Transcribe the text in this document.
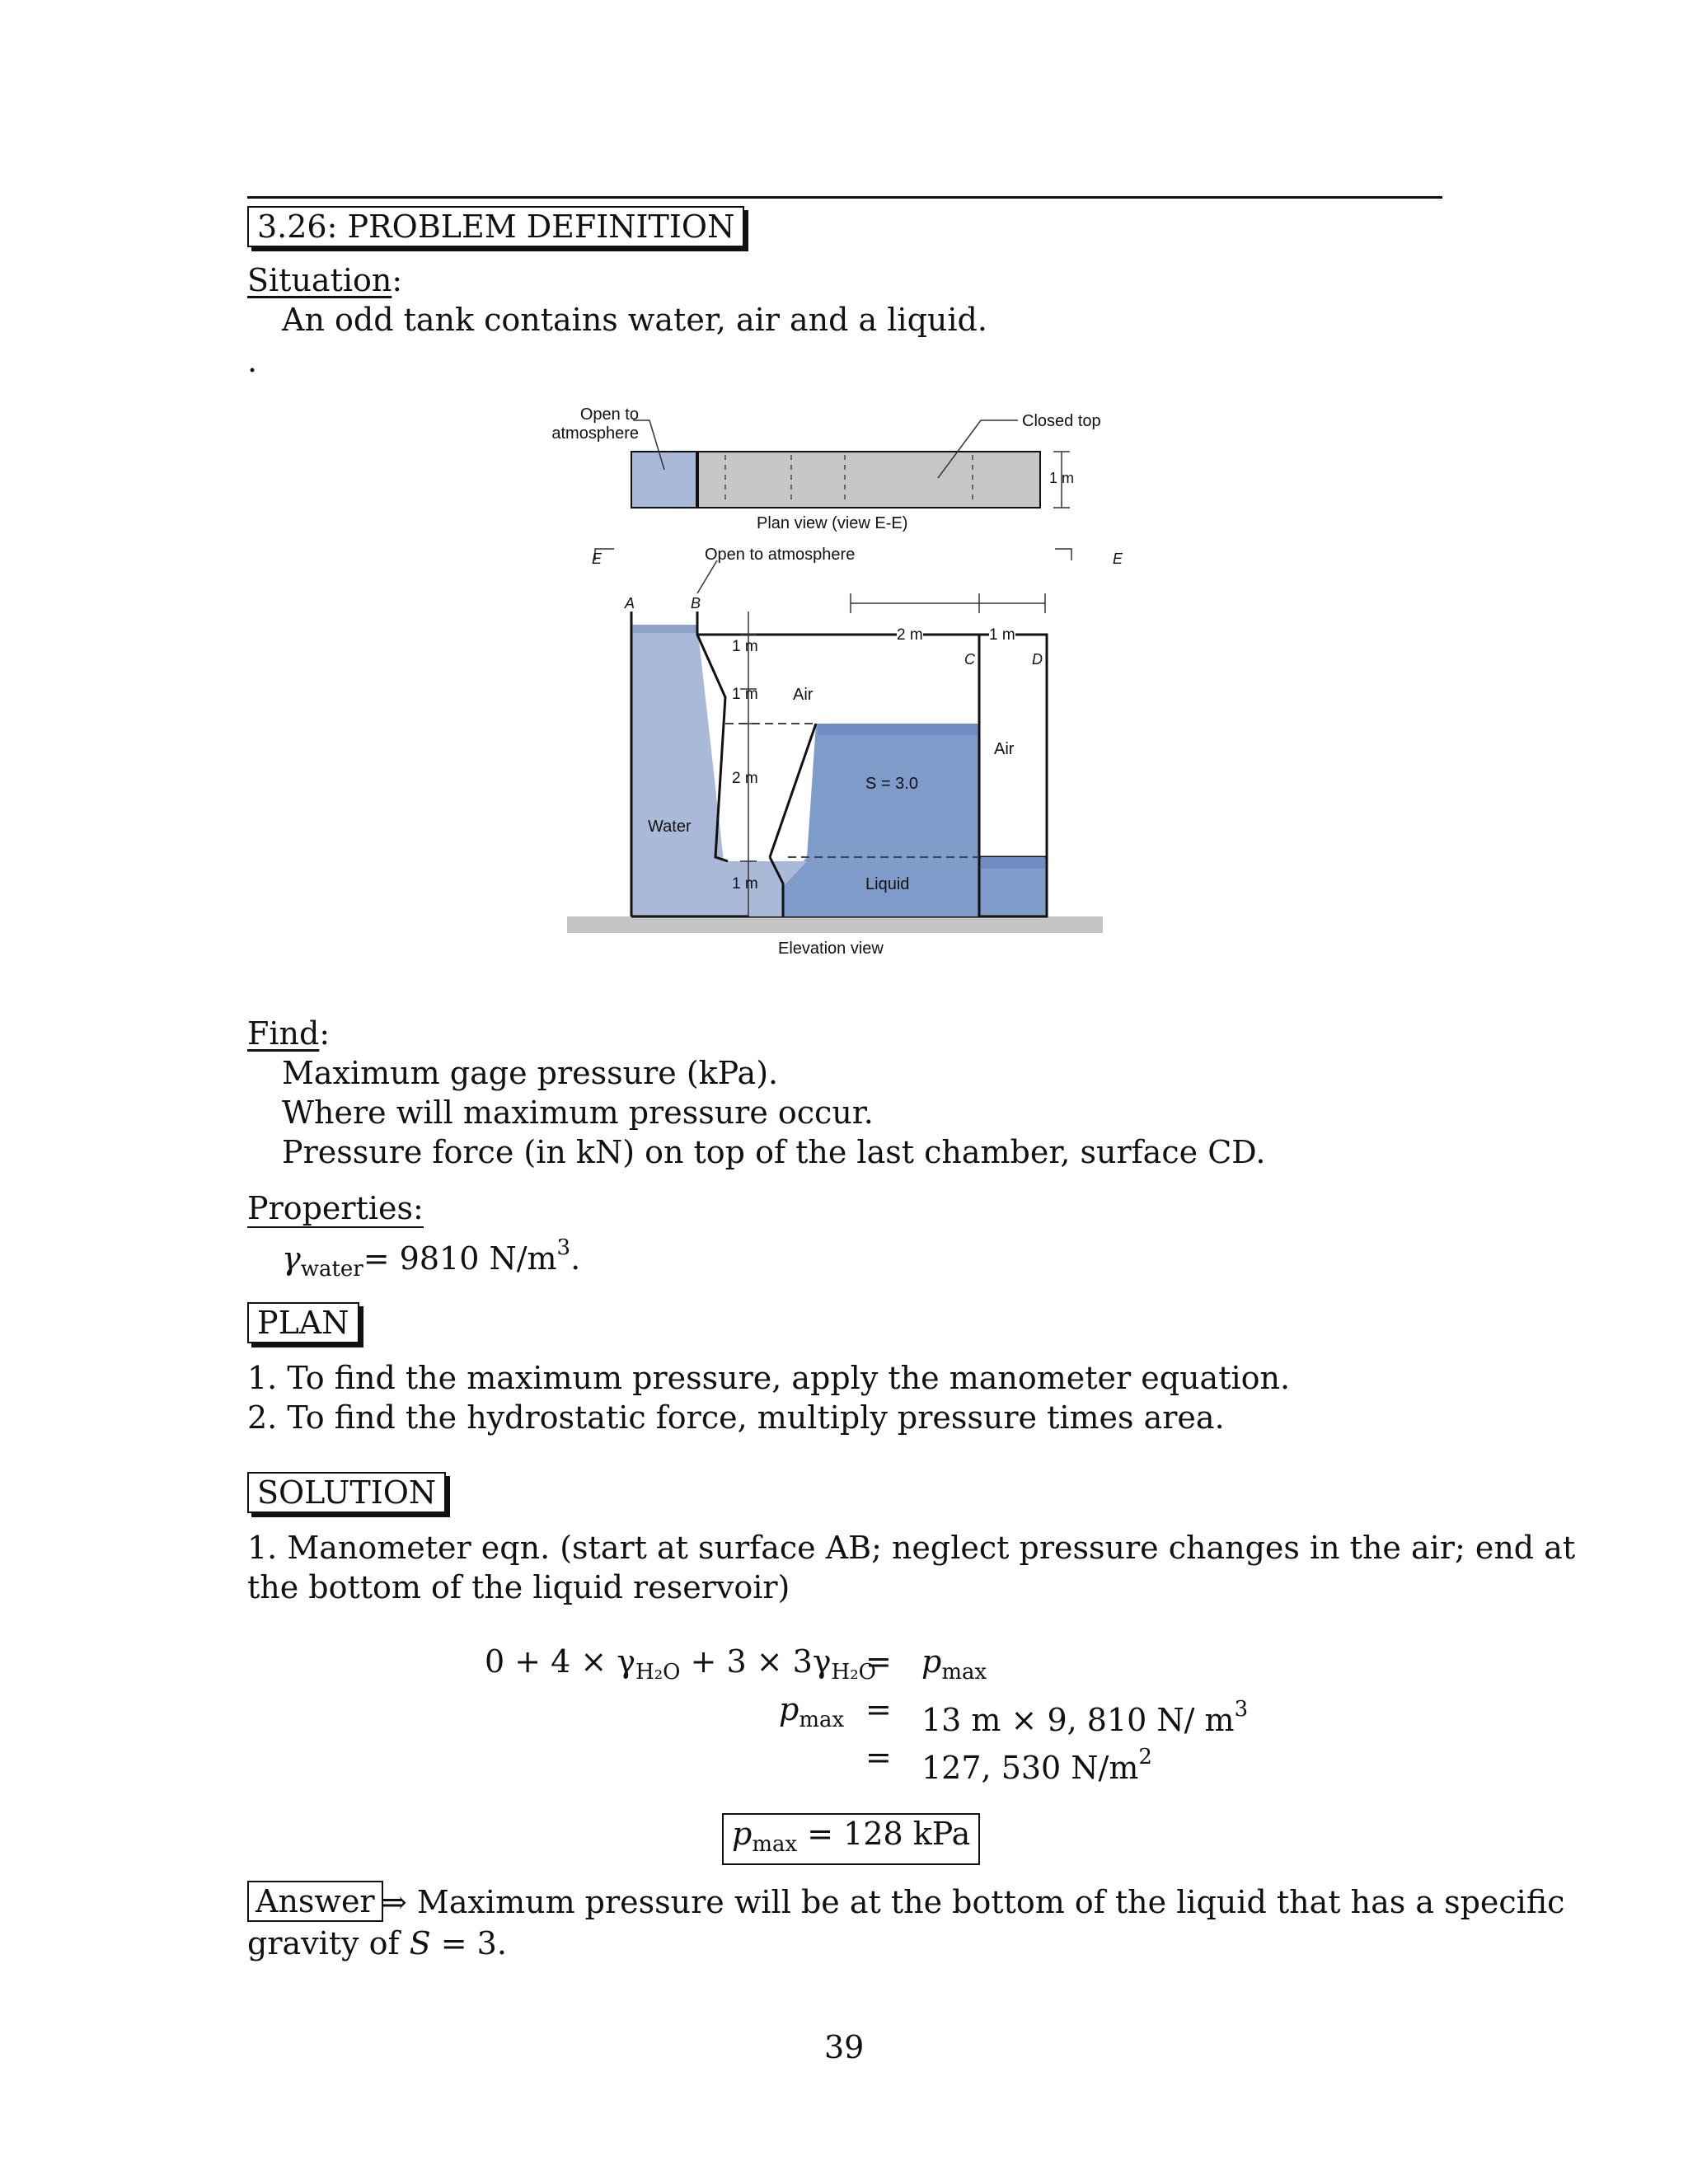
3.26: PROBLEM DEFINITION
Situation:
An odd tank contains water, air and a liquid.
.
Open to
atmosphere
Closed top
1 m
Plan view (view E-E)
Open to atmosphere
E	E
A	B
C	D
2 m	1 m
1 m
1 m Air
Air
2 m	S = 3.0
Water
1 m	Liquid
Elevation view
Find:
Maximum gage pressure (kPa).
Where will maximum pressure occur.
Pressure force (in kN) on top of the last chamber, surface CD.
Properties:
$\gamma_{water}= 9810$ $N/m^3$.
PLAN
1. To find the maximum pressure, apply the manometer equation.
2. To find the hydrostatic force, multiply pressure times area.
SOLUTION
1. Manometer eqn. (start at surface AB; neglect pressure changes in the air; end at
the bottom of the liquid reservoir)
$0 + 4 \times \gamma_{H_2O} + 3 \times 3\gamma_{H_2O}$
= $p_{max}$
$p_{max} = 13$ m × 9, 810 N/ $m^3$
= 127, 530 $N/m^2$
$p_{max} = 128$ kPa
Answer ⇒ Maximum pressure will be at the bottom of the liquid that has a specific
gravity of S = 3.
39
